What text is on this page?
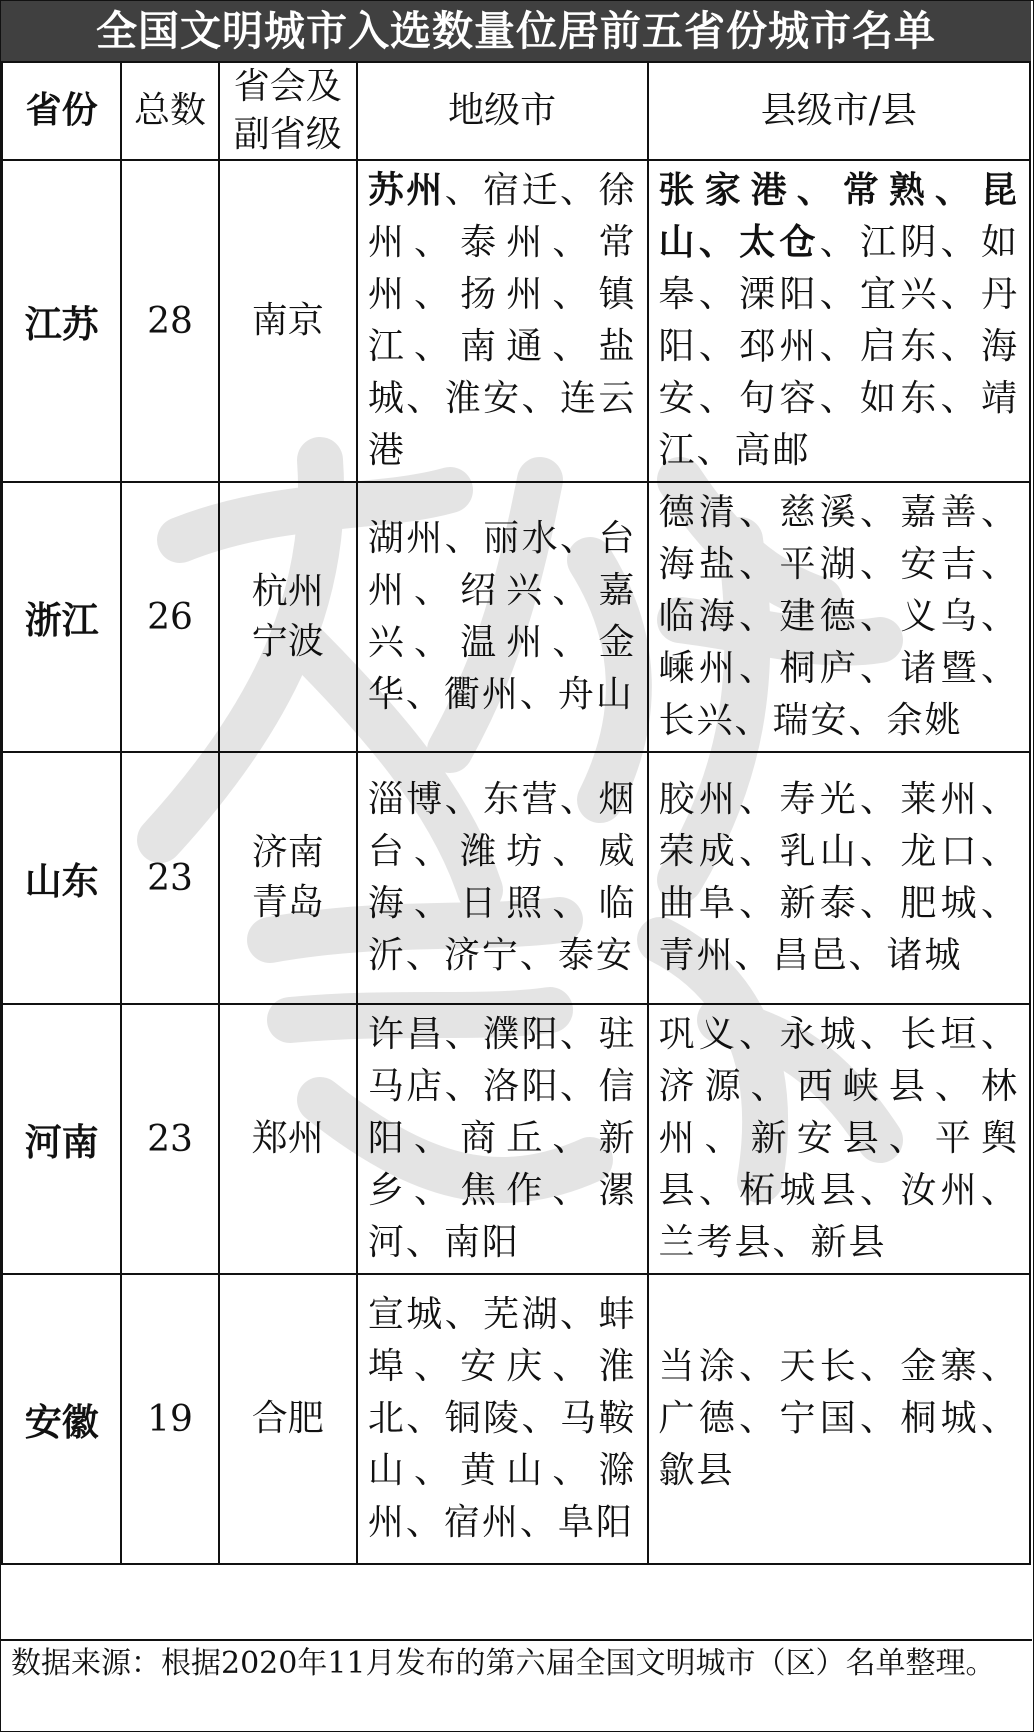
全国文明城市入选数量位居前五省份城市名单
省份	总数	省会及副省级	地级市	县级市/县
江苏	28	南京	苏州、宿迁、徐州、泰州、常州、扬州、镇江、南通、盐城、淮安、连云港	张家港、常熟、昆山、太仓、江阴、如皋、溧阳、宜兴、丹阳、邳州、启东、海安、句容、如东、靖江、高邮
浙江	26	杭州 宁波	湖州、丽水、台州、绍兴、嘉兴、温州、金华、衢州、舟山	德清、慈溪、嘉善、海盐、平湖、安吉、临海、建德、义乌、嵊州、桐庐、诸暨、长兴、瑞安、余姚
山东	23	济南 青岛	淄博、东营、烟台、潍坊、威海、日照、临沂、济宁、泰安	胶州、寿光、莱州、荣成、乳山、龙口、曲阜、新泰、肥城、青州、昌邑、诸城
河南	23	郑州	许昌、濮阳、驻马店、洛阳、信阳、商丘、新乡、焦作、漯河、南阳	巩义、永城、长垣、济源、西峡县、林州、新安县、平舆县、柘城县、汝州、兰考县、新县
安徽	19	合肥	宣城、芜湖、蚌埠、安庆、淮北、铜陵、马鞍山、黄山、滁州、宿州、阜阳	当涂、天长、金寨、广德、宁国、桐城、歙县
数据来源：根据2020年11月发布的第六届全国文明城市（区）名单整理。
